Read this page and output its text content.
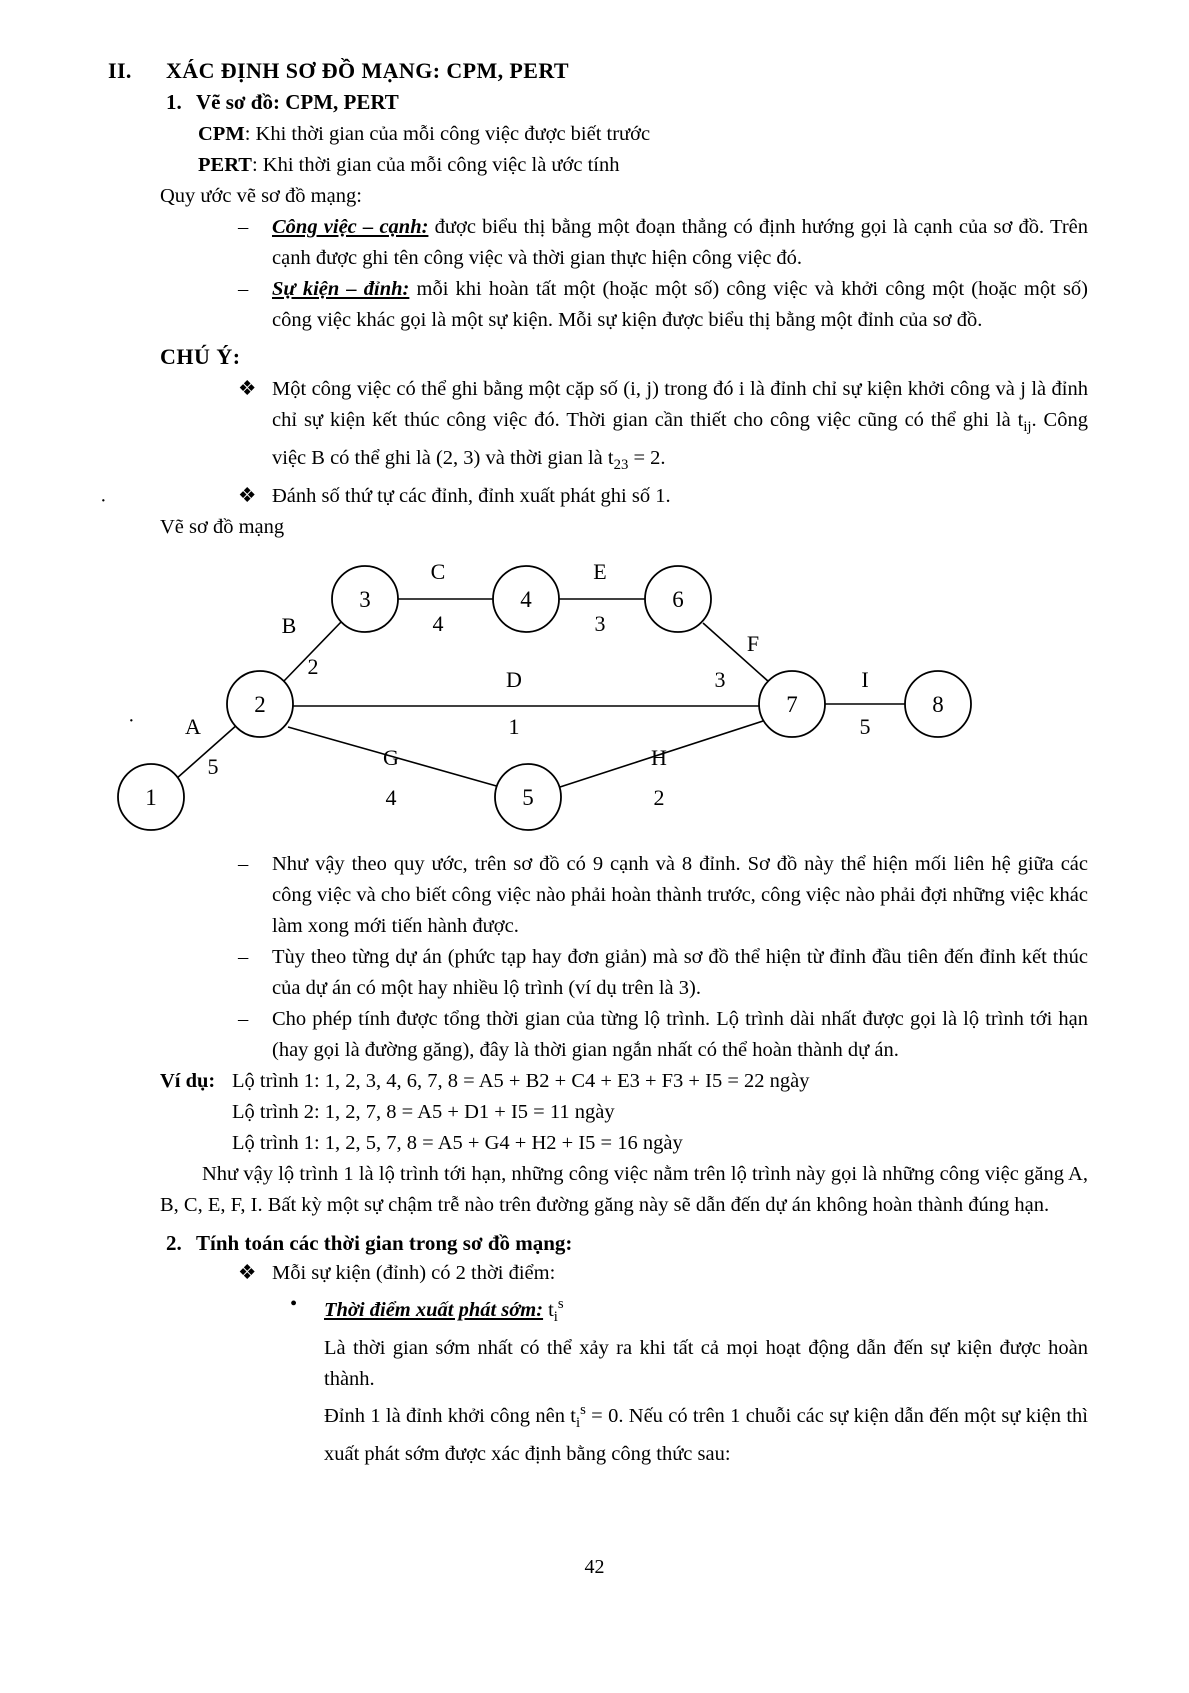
II.	XÁC ĐỊNH SƠ ĐỒ MẠNG: CPM, PERT
1. Vẽ sơ đồ: CPM, PERT
CPM : Khi thời gian của mỗi công việc được biết trước
PERT : Khi thời gian của mỗi công việc là ước tính
Quy ước vẽ sơ đồ mạng:
–	Công việc – cạnh: được biểu thị bằng một đoạn thẳng có định hướng gọi là cạnh của sơ đồ. Trên cạnh được ghi tên công việc và thời gian thực hiện công việc đó.
–	Sự kiện – đỉnh: mỗi khi hoàn tất một (hoặc một số) công việc và khởi công một (hoặc một số) công việc khác gọi là một sự kiện. Mỗi sự kiện được biểu thị bằng một đỉnh của sơ đồ.
CHÚ Ý:
❖ Một công việc có thể ghi bằng một cặp số (i, j) trong đó i là đỉnh chỉ sự kiện khởi công và j là đỉnh chỉ sự kiện kết thúc công việc đó. Thời gian cần thiết cho công việc cũng có thể ghi là $t_{ij}$. Công việc B có thể ghi là (2, 3) và thời gian là $t_{23} = 2$.
❖ Đánh số thứ tự các đỉnh, đỉnh xuất phát ghi số 1.
Vẽ sơ đồ mạng
1
2
3	4
5
6
7	8
A
5
B
2
C
4
E
3
F
3
D
1
I
5
G
4
H
2
–	Như vậy theo quy ước, trên sơ đồ có 9 cạnh và 8 đỉnh. Sơ đồ này thể hiện mối liên hệ giữa các công việc và cho biết công việc nào phải hoàn thành trước, công việc nào phải đợi những việc khác làm xong mới tiến hành được.
–	Tùy theo từng dự án (phức tạp hay đơn giản) mà sơ đồ thể hiện từ đỉnh đầu tiên đến đỉnh kết thúc của dự án có một hay nhiều lộ trình (ví dụ trên là 3).
–	Cho phép tính được tổng thời gian của từng lộ trình. Lộ trình dài nhất được gọi là lộ trình tới hạn (hay gọi là đường găng), đây là thời gian ngắn nhất có thể hoàn thành dự án.
Ví dụ: Lộ trình 1: 1, 2, 3, 4, 6, 7, 8 = A5 + B2 + C4 + E3 + F3 + I5 = 22 ngày
Lộ trình 2: 1, 2, 7, 8 = A5 + D1 + I5 = 11 ngày
Lộ trình 1: 1, 2, 5, 7, 8 = A5 + G4 + H2 + I5 = 16 ngày
Như vậy lộ trình 1 là lộ trình tới hạn, những công việc nằm trên lộ trình này gọi là những công việc găng A, B, C, E, F, I. Bất kỳ một sự chậm trễ nào trên đường găng này sẽ dẫn đến dự án không hoàn thành đúng hạn.
2. Tính toán các thời gian trong sơ đồ mạng:
❖ Mỗi sự kiện (đỉnh) có 2 thời điểm:
•	Thời điểm xuất phát sớm: $t_i^s$
Là thời gian sớm nhất có thể xảy ra khi tất cả mọi hoạt động dẫn đến sự kiện được hoàn thành.
Đỉnh 1 là đỉnh khởi công nên $t_i^s = 0$. Nếu có trên 1 chuỗi các sự kiện dẫn đến một sự kiện thì xuất phát sớm được xác định bằng công thức sau:
·
·
42
